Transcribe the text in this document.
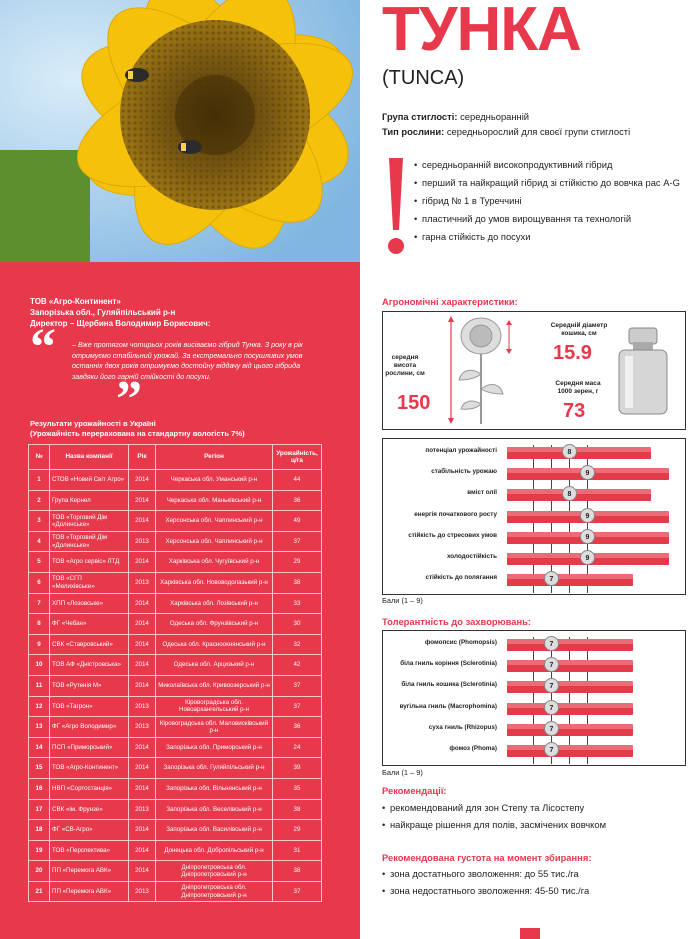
ТОВ «Агро-Континент»
Запорізька обл., Гуляйпільський р-н
Директор – Щербина Володимир Борисович:
“ – Вже протягом чотирьох років висіваємо гібрид Тунка. З року в рік отримуємо стабільний урожай. За екстремально посушливих умов останніх двох років отримуємо достойну віддачу від цього гібрида завдяки його гарній стійкості до посухи.
”
Результати урожайності в Україні
(Урожайність перерахована на стандартну вологість 7%)
№	Назва компанії	Рік	Регіон	Урожайність, ц/га
1	СТОВ «Новий Світ Агро»	2014	Черкаська обл. Уманський р-н	44
2	Група Кернел	2014	Черкаська обл. Маньківський р-н	36
3	ТОВ «Торговий Дім «Долинське»	2014	Херсонська обл. Чаплинський р-н	49
4	ТОВ «Торговий Дім «Долинське»	2013	Херсонська обл. Чаплинський р-н	37
5	ТОВ «Агро сервіс» ЛТД	2014	Харківська обл. Чугуївський р-н	29
6	ТОВ «СГП «Мелихівське»	2013	Харківська обл. Нововодолазький р-н	38
7	ХПП «Лозовське»	2014	Харківська обл. Лозівський р-н	33
8	ФГ «Чебан»	2014	Одеська обл. Фрунзівський р-н	30
9	СВК «Ставровський»	2014	Одеська обл. Красноокнянський р-н	32
10	ТОВ АФ «Дністровська»	2014	Одеська обл. Арцизький р-н	42
11	ТОВ «Рутенія М»	2014	Миколаївська обл. Кривоозерський р-н	37
12	ТОВ «Тагрон»	2013	Кіровоградська обл. Новоархангельський р-н	37
13	ФГ «Агро Володимир»	2013	Кіровоградська обл. Маловисківський р-н	36
14	ПСП «Приморський»	2014	Запорізька обл. Приморський р-н	24
15	ТОВ «Агро-Континент»	2014	Запорізька обл. Гуляйпільський р-н	39
16	НВП «Сортостанція»	2014	Запорізька обл. Вільнянський р-н	35
17	СВК «ім. Фрунзе»	2013	Запорізька обл. Веселівський р-н	38
18	ФГ «СВ-Агро»	2014	Запорізька обл. Василівський р-н	29
19	ТОВ «Перспектива»	2014	Донецька обл. Добропільський р-н	31
20	ПП «Перемога АВК»	2014	Дніпропетровська обл. Дніпропетровський р-н	38
21	ПП «Перемога АВК»	2013	Дніпропетровська обл. Дніпропетровський р-н	37
ТУНКА
(TUNCA)
Група стиглості: середньоранній
Тип рослини: середньорослий для своєї групи стиглості
• середньоранній високопродуктивний гібрид
• перший та найкращий гібрид зі стійкістю до вовчка рас A-G
• гібрид № 1 в Туреччині
• пластичний до умов вирощування та технологій
• гарна стійкість до посухи
Агрономічні характеристики:
середня висота рослини, см
150
Середній діаметр кошика, см
15.9
Середня маса 1000 зерен, г
73
потенціал урожайності	8
стабільність урожаю	9
вміст олії	8
енергія початкового росту	9
стійкість до стресових умов	9
холодостійкість	9
стійкість до полягання	7
Бали (1 – 9)
Толерантність до захворювань:
фомопсис (Phomopsis)	7
біла гниль коріння (Sclerotinia)	7
біла гниль кошика (Sclerotinia)	7
вугільна гниль (Macrophomina)	7
суха гниль (Rhizopus)	7
фомоз (Phoma)	7
Бали (1 – 9)
Рекомендації:
• рекомендований для зон Степу та Лісостепу
• найкраще рішення для полів, засмічених вовчком
Рекомендована густота на момент збирання:
• зона достатнього зволоження: до 55 тис./га
• зона недостатнього зволоження: 45-50 тис./га
